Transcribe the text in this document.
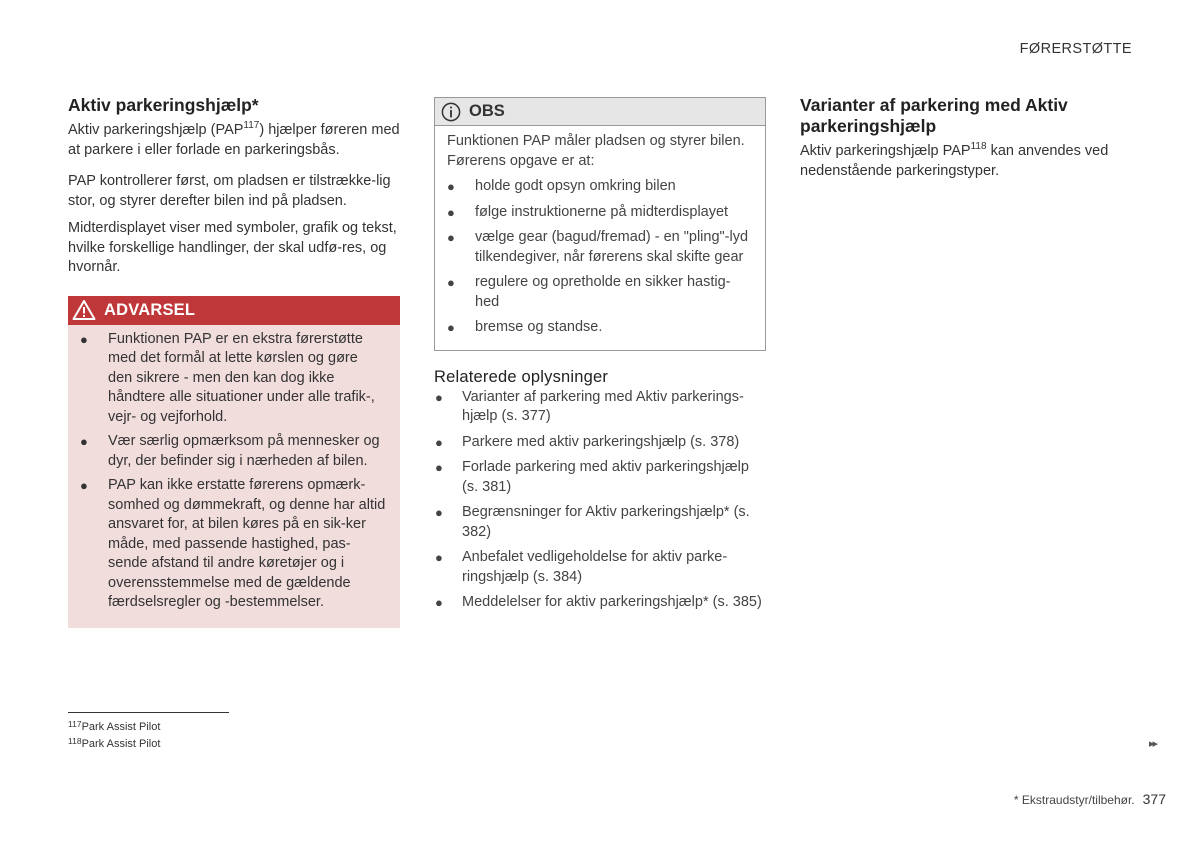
FØRERSTØTTE
Aktiv parkeringshjælp*

Aktiv parkeringshjælp (PAP$^{117}$) hjælper føreren med at parkere i eller forlade en parkeringsbås.

PAP kontrollerer først, om pladsen er tilstrække-lig stor, og styrer derefter bilen ind på pladsen.

Midterdisplayet viser med symboler, grafik og tekst, hvilke forskellige handlinger, der skal udfø-res, og hvornår.

ADVARSEL
● Funktionen PAP er en ekstra førerstøtte med det formål at lette kørslen og gøre den sikrere - men den kan dog ikke håndtere alle situationer under alle trafik-, vejr- og vejforhold.
● Vær særlig opmærksom på mennesker og dyr, der befinder sig i nærheden af bilen.
● PAP kan ikke erstatte førerens opmærk-somhed og dømmekraft, og denne har altid ansvaret for, at bilen køres på en sik-ker måde, med passende hastighed, pas-sende afstand til andre køretøjer og i overensstemmelse med de gældende færdselsregler og -bestemmelser.
OBS

Funktionen PAP måler pladsen og styrer bilen. Førerens opgave er at:

● holde godt opsyn omkring bilen
● følge instruktionerne på midterdisplayet
● vælge gear (bagud/fremad) - en "pling"-lyd tilkendegiver, når førerens skal skifte gear
● regulere og opretholde en sikker hastig-hed
● bremse og standse.
Relaterede oplysninger
● Varianter af parkering med Aktiv parkerings-hjælp (s. 377)
● Parkere med aktiv parkeringshjælp (s. 378)
● Forlade parkering med aktiv parkeringshjælp (s. 381)
● Begrænsninger for Aktiv parkeringshjælp* (s. 382)
● Anbefalet vedligeholdelse for aktiv parke-ringshjælp (s. 384)
● Meddelelser for aktiv parkeringshjælp* (s. 385)
Varianter af parkering med Aktiv parkeringshjælp

Aktiv parkeringshjælp PAP$^{118}$ kan anvendes ved nedenstående parkeringstyper.

$^{117}$Park Assist Pilot
$^{118}$Park Assist Pilot	▸▸
* Ekstraudstyr/tilbehør. 377
